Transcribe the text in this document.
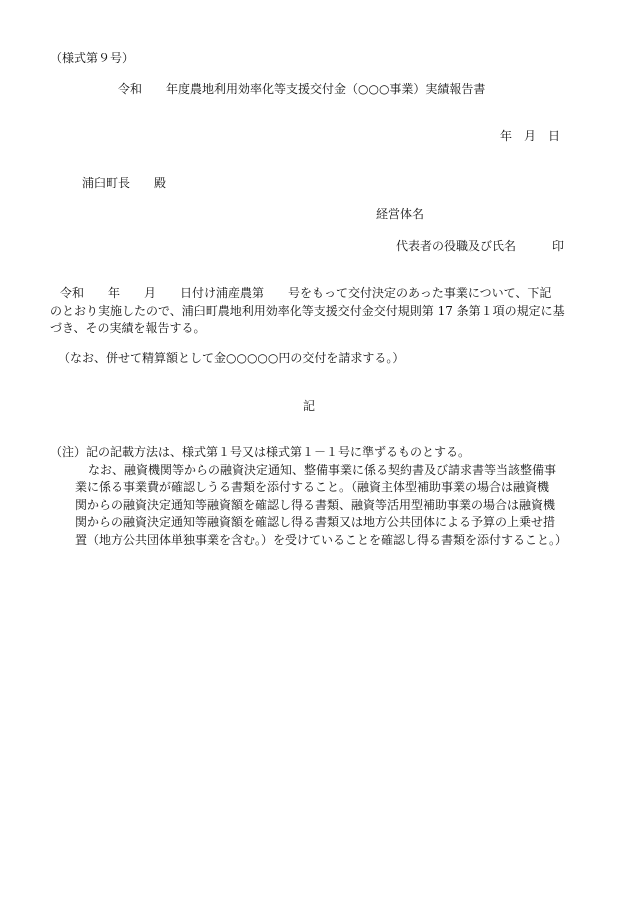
（様式第９号）
令和　　年度農地利用効率化等支援交付金（○○○事業）実績報告書
年　月　日
浦臼町長　　殿
経営体名
代表者の役職及び氏名　　　印
令和　　年　　月　　日付け浦産農第　　号をもって交付決定のあった事業について、下記
のとおり実施したので、浦臼町農地利用効率化等支援交付金交付規則第 17 条第１項の規定に基
づき、その実績を報告する。
（なお、併せて精算額として金○○○○○円の交付を請求する。）
記
（注）記の記載方法は、様式第１号又は様式第１－１号に準ずるものとする。
なお、融資機関等からの融資決定通知、整備事業に係る契約書及び請求書等当該整備事
業に係る事業費が確認しうる書類を添付すること。（融資主体型補助事業の場合は融資機
関からの融資決定通知等融資額を確認し得る書類、融資等活用型補助事業の場合は融資機
関からの融資決定通知等融資額を確認し得る書類又は地方公共団体による予算の上乗せ措
置（地方公共団体単独事業を含む。）を受けていることを確認し得る書類を添付すること。）
